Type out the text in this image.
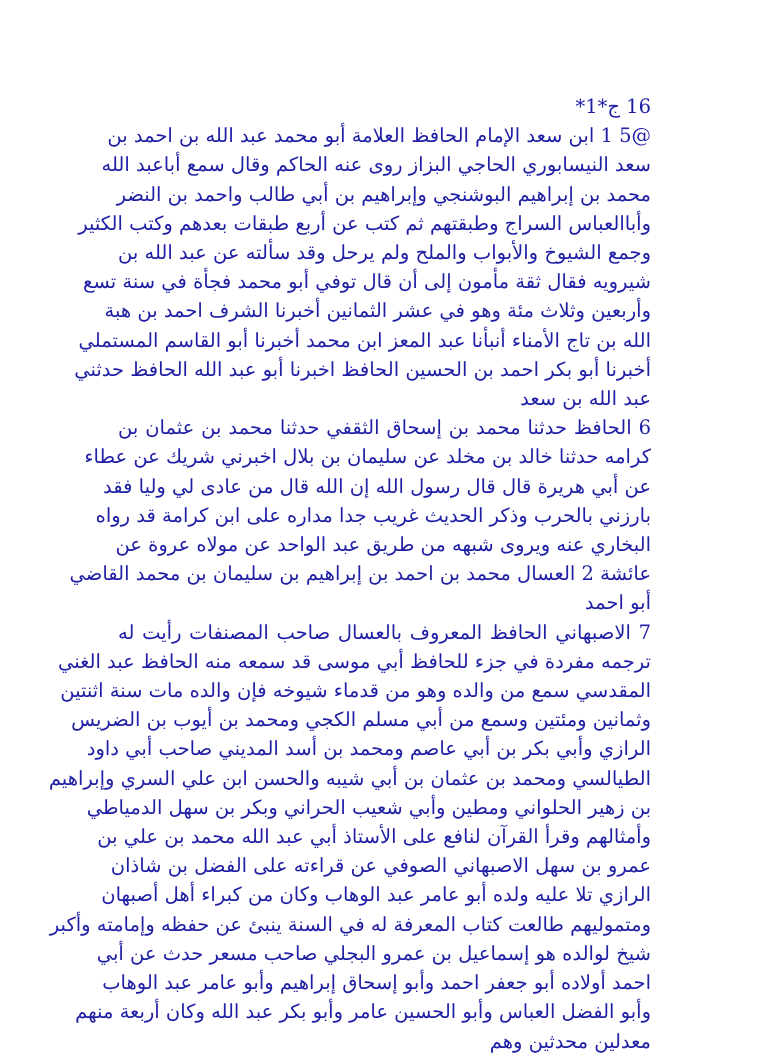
16 ج*1*
@5 1 ابن سعد الإمام الحافظ العلامة أبو محمد عبد الله بن احمد بن
سعد النيسابوري الحاجي البزاز روى عنه الحاكم وقال سمع أباعبد الله
محمد بن إبراهيم البوشنجي وإبراهيم بن أبي طالب واحمد بن النضر
وأباالعباس السراج وطبقتهم ثم كتب عن أربع طبقات بعدهم وكتب الكثير
وجمع الشيوخ والأبواب والملح ولم يرحل وقد سألته عن عبد الله بن
شيرويه فقال ثقة مأمون إلى أن قال توفي أبو محمد فجأة في سنة تسع
وأربعين وثلاث مئة وهو في عشر الثمانين أخبرنا الشرف احمد بن هبة
الله بن تاج الأمناء أنبأنا عبد المعز ابن محمد أخبرنا أبو القاسم المستملي
أخبرنا أبو بكر احمد بن الحسين الحافظ اخبرنا أبو عبد الله الحافظ حدثني
عبد الله بن سعد
6 الحافظ حدثنا محمد بن إسحاق الثقفي حدثنا محمد بن عثمان بن
كرامه حدثنا خالد بن مخلد عن سليمان بن بلال اخبرني شريك عن عطاء
عن أبي هريرة قال قال رسول الله إن الله قال من عادى لي وليا فقد
بارزني بالحرب وذكر الحديث غريب جدا مداره على ابن كرامة قد رواه
البخاري عنه ويروى شبهه من طريق عبد الواحد عن مولاه عروة عن
عائشة 2 العسال محمد بن احمد بن إبراهيم بن سليمان بن محمد القاضي
أبو احمد
7 الاصبهاني الحافظ المعروف بالعسال صاحب المصنفات رأيت له
ترجمه مفردة في جزء للحافظ أبي موسى قد سمعه منه الحافظ عبد الغني
المقدسي سمع من والده وهو من قدماء شيوخه فإن والده مات سنة اثنتين
وثمانين ومئتين وسمع من أبي مسلم الكجي ومحمد بن أيوب بن الضريس
الرازي وأبي بكر بن أبي عاصم ومحمد بن أسد المديني صاحب أبي داود
الطيالسي ومحمد بن عثمان بن أبي شيبه والحسن ابن علي السري وإبراهيم
بن زهير الحلواني ومطين وأبي شعيب الحراني وبكر بن سهل الدمياطي
وأمثالهم وقرأ القرآن لنافع على الأستاذ أبي عبد الله محمد بن علي بن
عمرو بن سهل الاصبهاني الصوفي عن قراءته على الفضل بن شاذان
الرازي تلا عليه ولده أبو عامر عبد الوهاب وكان من كبراء أهل أصبهان
ومتموليهم طالعت كتاب المعرفة له في السنة ينبئ عن حفظه وإمامته وأكبر
شيخ لوالده هو إسماعيل بن عمرو البجلي صاحب مسعر حدث عن أبي
احمد أولاده أبو جعفر احمد وأبو إسحاق إبراهيم وأبو عامر عبد الوهاب
وأبو الفضل العباس وأبو الحسين عامر وأبو بكر عبد الله وكان أربعة منهم
معدلين محدثين وهم
